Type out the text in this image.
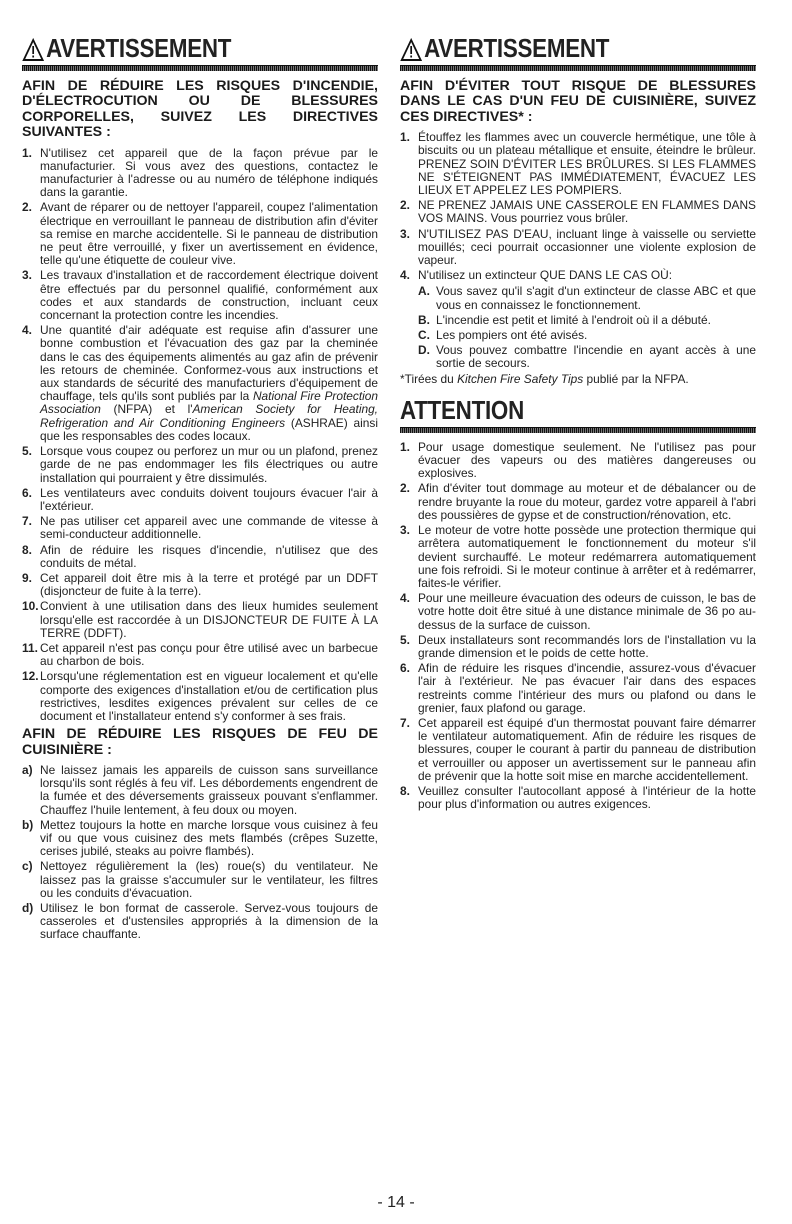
AVERTISSEMENT

AFIN DE RÉDUIRE LES RISQUES D'INCENDIE, D'ÉLECTROCUTION OU DE BLESSURES CORPORELLES, SUIVEZ LES DIRECTIVES SUIVANTES :

1. N'utilisez cet appareil que de la façon prévue par le manufacturier. Si vous avez des questions, contactez le manufacturier à l'adresse ou au numéro de téléphone indiqués dans la garantie.
2. Avant de réparer ou de nettoyer l'appareil, coupez l'alimentation électrique en verrouillant le panneau de distribution afin d'éviter sa remise en marche accidentelle. Si le panneau de distribution ne peut être verrouillé, y fixer un avertissement en évidence, telle qu'une étiquette de couleur vive.
3. Les travaux d'installation et de raccordement électrique doivent être effectués par du personnel qualifié, conformément aux codes et aux standards de construction, incluant ceux concernant la protection contre les incendies.
4. Une quantité d'air adéquate est requise afin d'assurer une bonne combustion et l'évacuation des gaz par la cheminée dans le cas des équipements alimentés au gaz afin de prévenir les retours de cheminée. Conformez-vous aux instructions et aux standards de sécurité des manufacturiers d'équipement de chauffage, tels qu'ils sont publiés par la National Fire Protection Association (NFPA) et l'American Society for Heating, Refrigeration and Air Conditioning Engineers (ASHRAE) ainsi que les responsables des codes locaux.
5. Lorsque vous coupez ou perforez un mur ou un plafond, prenez garde de ne pas endommager les fils électriques ou autre installation qui pourraient y être dissimulés.
6. Les ventilateurs avec conduits doivent toujours évacuer l'air à l'extérieur.
7. Ne pas utiliser cet appareil avec une commande de vitesse à semi-conducteur additionnelle.
8. Afin de réduire les risques d'incendie, n'utilisez que des conduits de métal.
9. Cet appareil doit être mis à la terre et protégé par un DDFT (disjoncteur de fuite à la terre).
10. Convient à une utilisation dans des lieux humides seulement lorsqu'elle est raccordée à un DISJONCTEUR DE FUITE À LA TERRE (DDFT).
11. Cet appareil n'est pas conçu pour être utilisé avec un barbecue au charbon de bois.
12. Lorsqu'une réglementation est en vigueur localement et qu'elle comporte des exigences d'installation et/ou de certification plus restrictives, lesdites exigences prévalent sur celles de ce document et l'installateur entend s'y conformer à ses frais.

AFIN DE RÉDUIRE LES RISQUES DE FEU DE CUISINIÈRE :

a) Ne laissez jamais les appareils de cuisson sans surveillance lorsqu'ils sont réglés à feu vif. Les débordements engendrent de la fumée et des déversements graisseux pouvant s'enflammer. Chauffez l'huile lentement, à feu doux ou moyen.
b) Mettez toujours la hotte en marche lorsque vous cuisinez à feu vif ou que vous cuisinez des mets flambés (crêpes Suzette, cerises jubilé, steaks au poivre flambés).
c) Nettoyez régulièrement la (les) roue(s) du ventilateur. Ne laissez pas la graisse s'accumuler sur le ventilateur, les filtres ou les conduits d'évacuation.
d) Utilisez le bon format de casserole. Servez-vous toujours de casseroles et d'ustensiles appropriés à la dimension de la surface chauffante.
AVERTISSEMENT

AFIN D'ÉVITER TOUT RISQUE DE BLESSURES DANS LE CAS D'UN FEU DE CUISINIÈRE, SUIVEZ CES DIRECTIVES* :

1. Étouffez les flammes avec un couvercle hermétique, une tôle à biscuits ou un plateau métallique et ensuite, éteindre le brûleur. PRENEZ SOIN D'ÉVITER LES BRÛLURES. SI LES FLAMMES NE S'ÉTEIGNENT PAS IMMÉDIATEMENT, ÉVACUEZ LES LIEUX ET APPELEZ LES POMPIERS.
2. NE PRENEZ JAMAIS UNE CASSEROLE EN FLAMMES DANS VOS MAINS. Vous pourriez vous brûler.
3. N'UTILISEZ PAS D'EAU, incluant linge à vaisselle ou serviette mouillés; ceci pourrait occasionner une violente explosion de vapeur.
4. N'utilisez un extincteur QUE DANS LE CAS OÙ:
A. Vous savez qu'il s'agit d'un extincteur de classe ABC et que vous en connaissez le fonctionnement.
B. L'incendie est petit et limité à l'endroit où il a débuté.
C. Les pompiers ont été avisés.
D. Vous pouvez combattre l'incendie en ayant accès à une sortie de secours.

*Tirées du Kitchen Fire Safety Tips publié par la NFPA.

ATTENTION
1. Pour usage domestique seulement. Ne l'utilisez pas pour évacuer des vapeurs ou des matières dangereuses ou explosives.
2. Afin d'éviter tout dommage au moteur et de débalancer ou de rendre bruyante la roue du moteur, gardez votre appareil à l'abri des poussières de gypse et de construction/rénovation, etc.
3. Le moteur de votre hotte possède une protection thermique qui arrêtera automatiquement le fonctionnement du moteur s'il devient surchauffé. Le moteur redémarrera automatiquement une fois refroidi. Si le moteur continue à arrêter et à redémarrer, faites-le vérifier.
4. Pour une meilleure évacuation des odeurs de cuisson, le bas de votre hotte doit être situé à une distance minimale de 36 po au-dessus de la surface de cuisson.
5. Deux installateurs sont recommandés lors de l'installation vu la grande dimension et le poids de cette hotte.
6. Afin de réduire les risques d'incendie, assurez-vous d'évacuer l'air à l'extérieur. Ne pas évacuer l'air dans des espaces restreints comme l'intérieur des murs ou plafond ou dans le grenier, faux plafond ou garage.
7. Cet appareil est équipé d'un thermostat pouvant faire démarrer le ventilateur automatiquement. Afin de réduire les risques de blessures, couper le courant à partir du panneau de distribution et verrouiller ou apposer un avertissement sur le panneau afin de prévenir que la hotte soit mise en marche accidentellement.
8. Veuillez consulter l'autocollant apposé à l'intérieur de la hotte pour plus d'information ou autres exigences.
- 14 -
